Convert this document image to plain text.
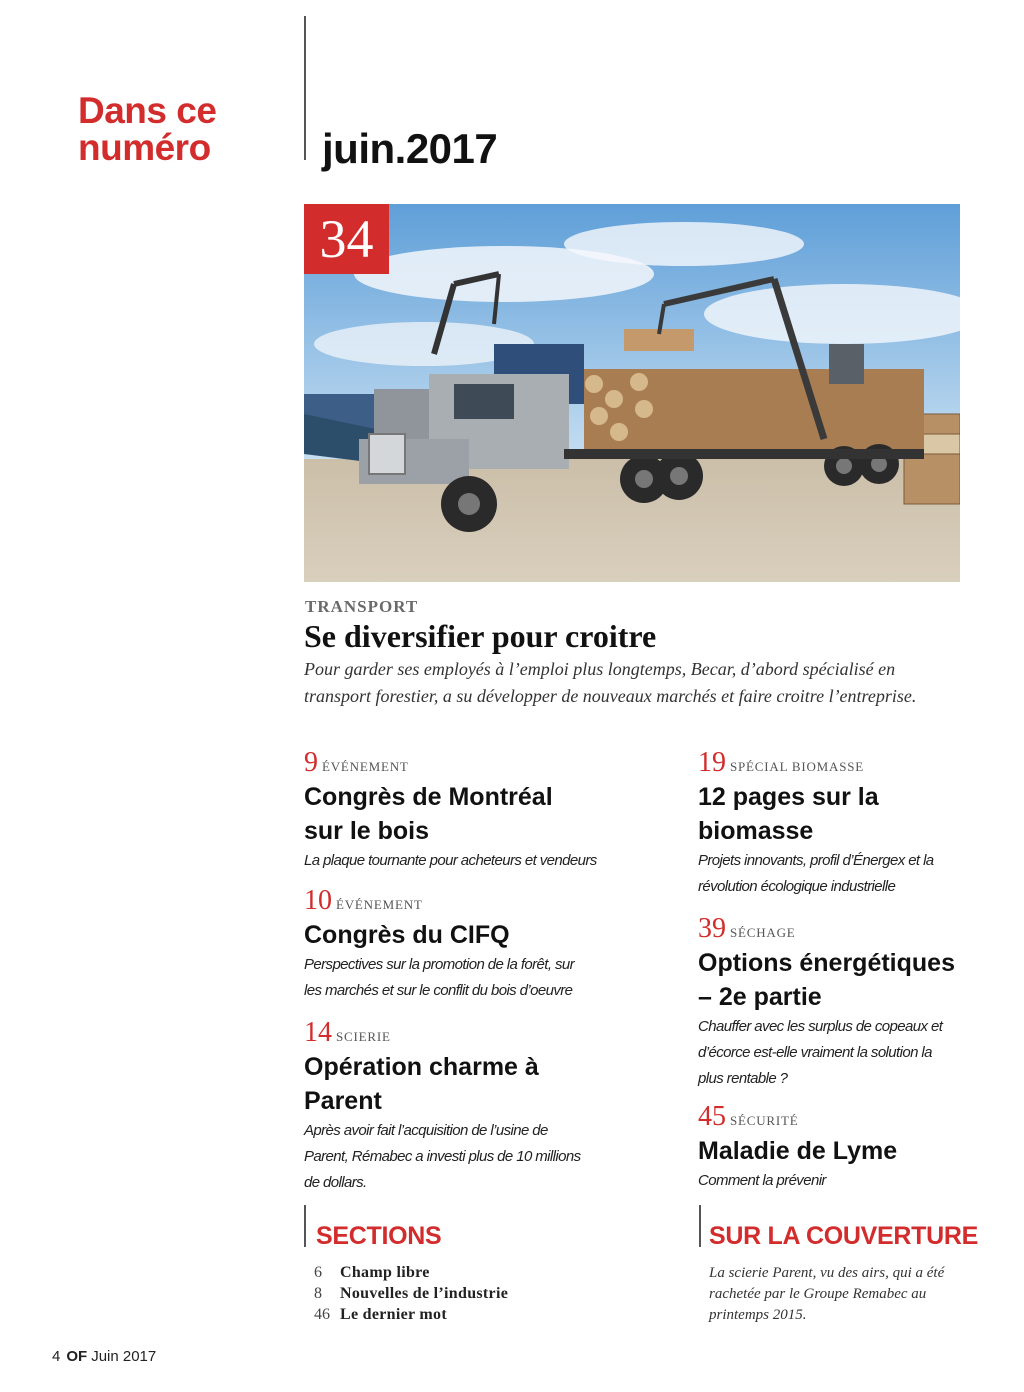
Dans ce
numéro	juin.2017
34
TRANSPORT
Se diversifier pour croitre
Pour garder ses employés à l’emploi plus longtemps, Becar, d’abord spécialisé en transport forestier, a su développer de nouveaux marchés et faire croitre l’entreprise.
9 ÉVÉNEMENT
Congrès de Montréal
sur le bois
La plaque tournante pour acheteurs et vendeurs
10 ÉVÉNEMENT
Congrès du CIFQ
Perspectives sur la promotion de la forêt, sur
les marchés et sur le conflit du bois d’oeuvre
14 SCIERIE
Opération charme à
Parent
Après avoir fait l’acquisition de l’usine de
Parent, Rémabec a investi plus de 10 millions
de dollars.
19 SPÉCIAL BIOMASSE
12 pages sur la
biomasse
Projets innovants, profil d’Énergex et la
révolution écologique industrielle
39 SÉCHAGE
Options énergétiques
– 2e partie
Chauffer avec les surplus de copeaux et
d’écorce est-elle vraiment la solution la
plus rentable ?
45 SÉCURITÉ
Maladie de Lyme
Comment la prévenir
SECTIONS
6 Champ libre
8 Nouvelles de l’industrie
46 Le dernier mot
SUR LA COUVERTURE
La scierie Parent, vu des airs, qui a été rachetée par le Groupe Remabec au printemps 2015.
4 OF Juin 2017
